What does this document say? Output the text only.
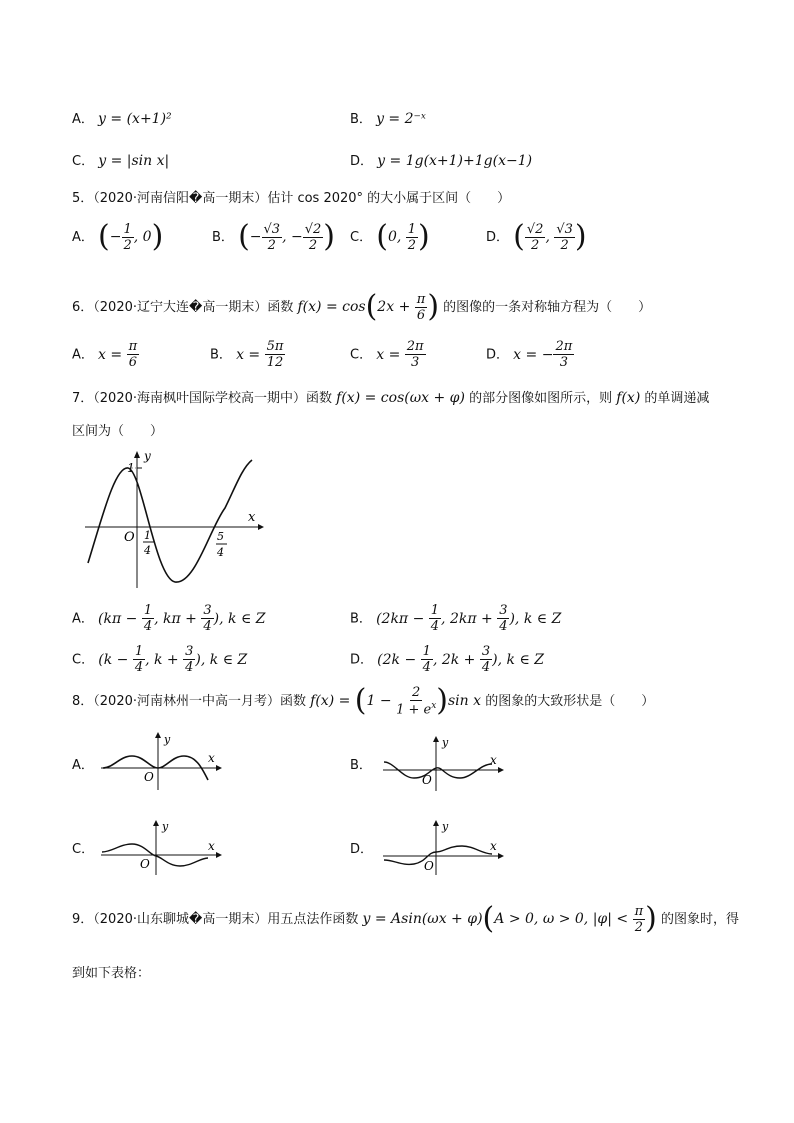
A． y = (x+1)²	B． y = 2⁻ˣ
C． y = |sin x|	D． y = 1g(x+1)+1g(x−1)
5．（2020·河南信阳�高一期末）估计 cos 2020° 的大小属于区间（　　）
A． (− $\frac{1}{2}$ , 0)	B． (− $\frac{√3}{2}$ , − $\frac{√2}{2}$ ) C． (0, $\frac{1}{2}$ )	D． ( $\frac{√2}{2}$ , $\frac{√3}{2}$ )
6．（2020·辽宁大连�高一期末）函数 $f(x) = \cos(2x + \frac{\pi}{6}$ ) 的图像的一条对称轴方程为（　　）
A． $x = \frac{\pi}{6}$	B． $x = \frac{5\pi}{12}$	C． $x = \frac{2\pi}{3}$	D． x = − $\frac{2\pi}{3}$
7．（2020·海南枫叶国际学校高一期中）函数 f(x) = cos(ωx + φ) 的部分图像如图所示，则 f(x) 的单调递减
区间为（　　）
y
x
O
1
1
4
5
4
A． ($k\pi - \frac{1}{4}$ , $k\pi + \frac{3}{4}$ ), k ∈ Z	B． ($2k\pi - \frac{1}{4}$ , $2k\pi + \frac{3}{4}$ ), k ∈ Z
C． ($k - \frac{1}{4}$ , $k + \frac{3}{4}$ ), k ∈ Z	D． ($2k - \frac{1}{4}$ , $2k + \frac{3}{4}$ ), k ∈ Z
8．（2020·河南林州一中高一月考）函数 $f(x) = (1 - \frac{2}{1 + e^x} )\sin$ x 的图象的大致形状是（　　）
A．
y
x
O
B．
y
x
O
C．
y
x
O
D．
y
x
O
9．（2020·山东聊城�高一期末）用五点法作函数 y = Asin(ωx + φ)(A > 0, ω > 0, $|\varphi| < \frac{\pi}{2}$ ) 的图象时，得
到如下表格：
